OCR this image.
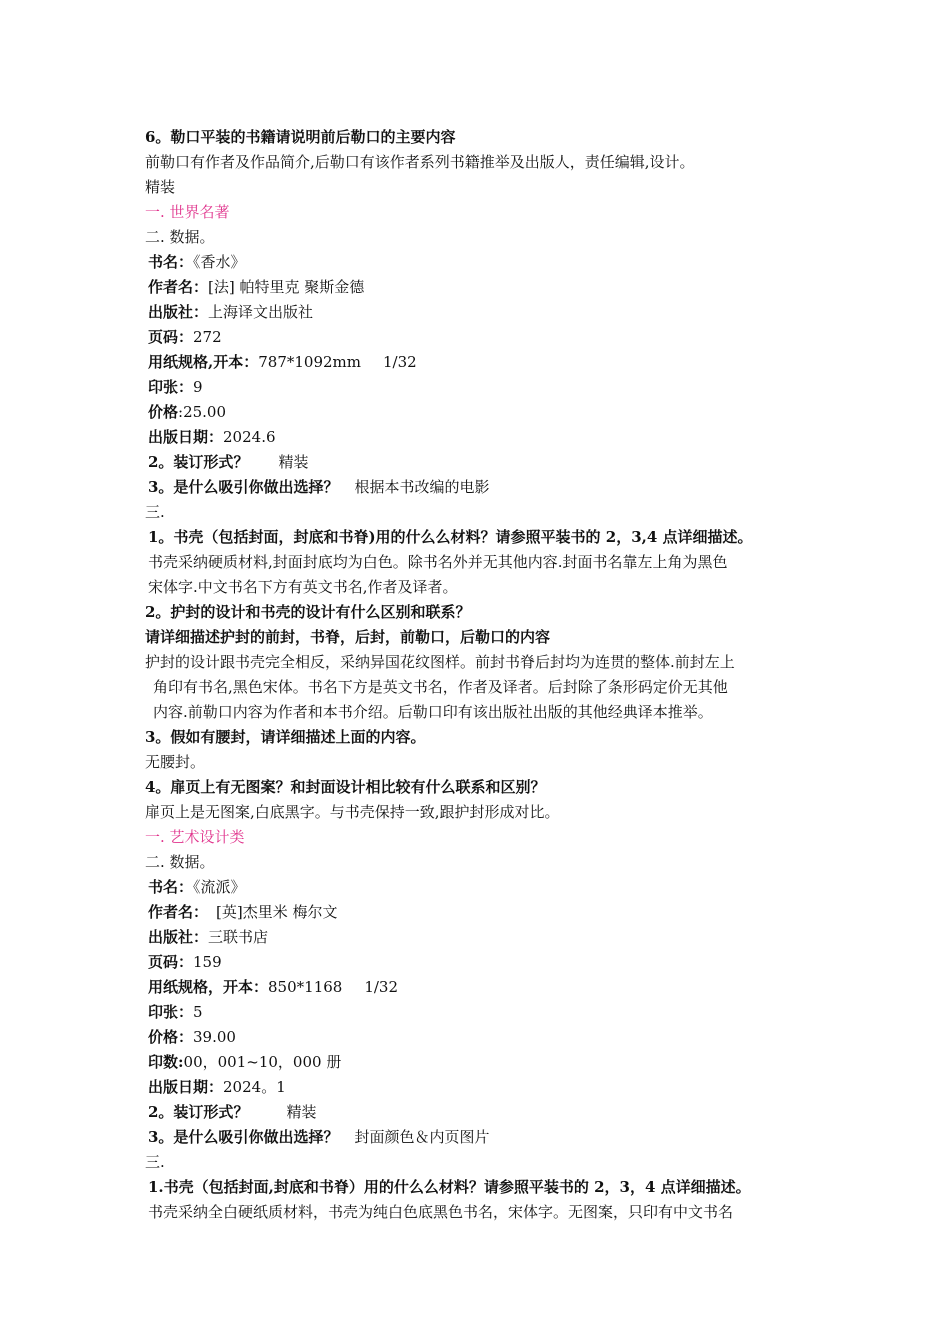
6。勒口平装的书籍请说明前后勒口的主要内容
前勒口有作者及作品简介,后勒口有该作者系列书籍推举及出版人，责任编辑,设计。
精装
一. 世界名著
二. 数据。
书名：《香水》
作者名：[法] 帕特里克 聚斯金德
出版社：上海译文出版社
页码：272
用纸规格,开本：787*1092mm 1/32
印张：9
价格:25.00
出版日期：2024.6
2。装订形式？ 精装
3。是什么吸引你做出选择？ 根据本书改编的电影
三.
1。书壳（包括封面，封底和书脊)用的什么么材料？请参照平装书的 2，3,4 点详细描述。
书壳采纳硬质材料,封面封底均为白色。除书名外并无其他内容.封面书名靠左上角为黑色
宋体字.中文书名下方有英文书名,作者及译者。
2。护封的设计和书壳的设计有什么区别和联系？
请详细描述护封的前封，书脊，后封，前勒口，后勒口的内容
护封的设计跟书壳完全相反，采纳异国花纹图样。前封书脊后封均为连贯的整体.前封左上
角印有书名,黑色宋体。书名下方是英文书名，作者及译者。后封除了条形码定价无其他
内容.前勒口内容为作者和本书介绍。后勒口印有该出版社出版的其他经典译本推举。
3。假如有腰封，请详细描述上面的内容。
无腰封。
4。扉页上有无图案？和封面设计相比较有什么联系和区别？
扉页上是无图案,白底黑字。与书壳保持一致,跟护封形成对比。
一. 艺术设计类
二. 数据。
书名：《流派》
作者名： [英]杰里米 梅尔文
出版社：三联书店
页码：159
用纸规格，开本：850*1168 1/32
印张：5
价格：39.00
印数:00，001~10，000 册
出版日期：2024。1
2。装订形式？	精装
3。是什么吸引你做出选择？ 封面颜色＆内页图片
三.
1.书壳（包括封面,封底和书脊）用的什么么材料？请参照平装书的 2，3，4 点详细描述。
书壳采纳全白硬纸质材料，书壳为纯白色底黑色书名，宋体字。无图案，只印有中文书名
